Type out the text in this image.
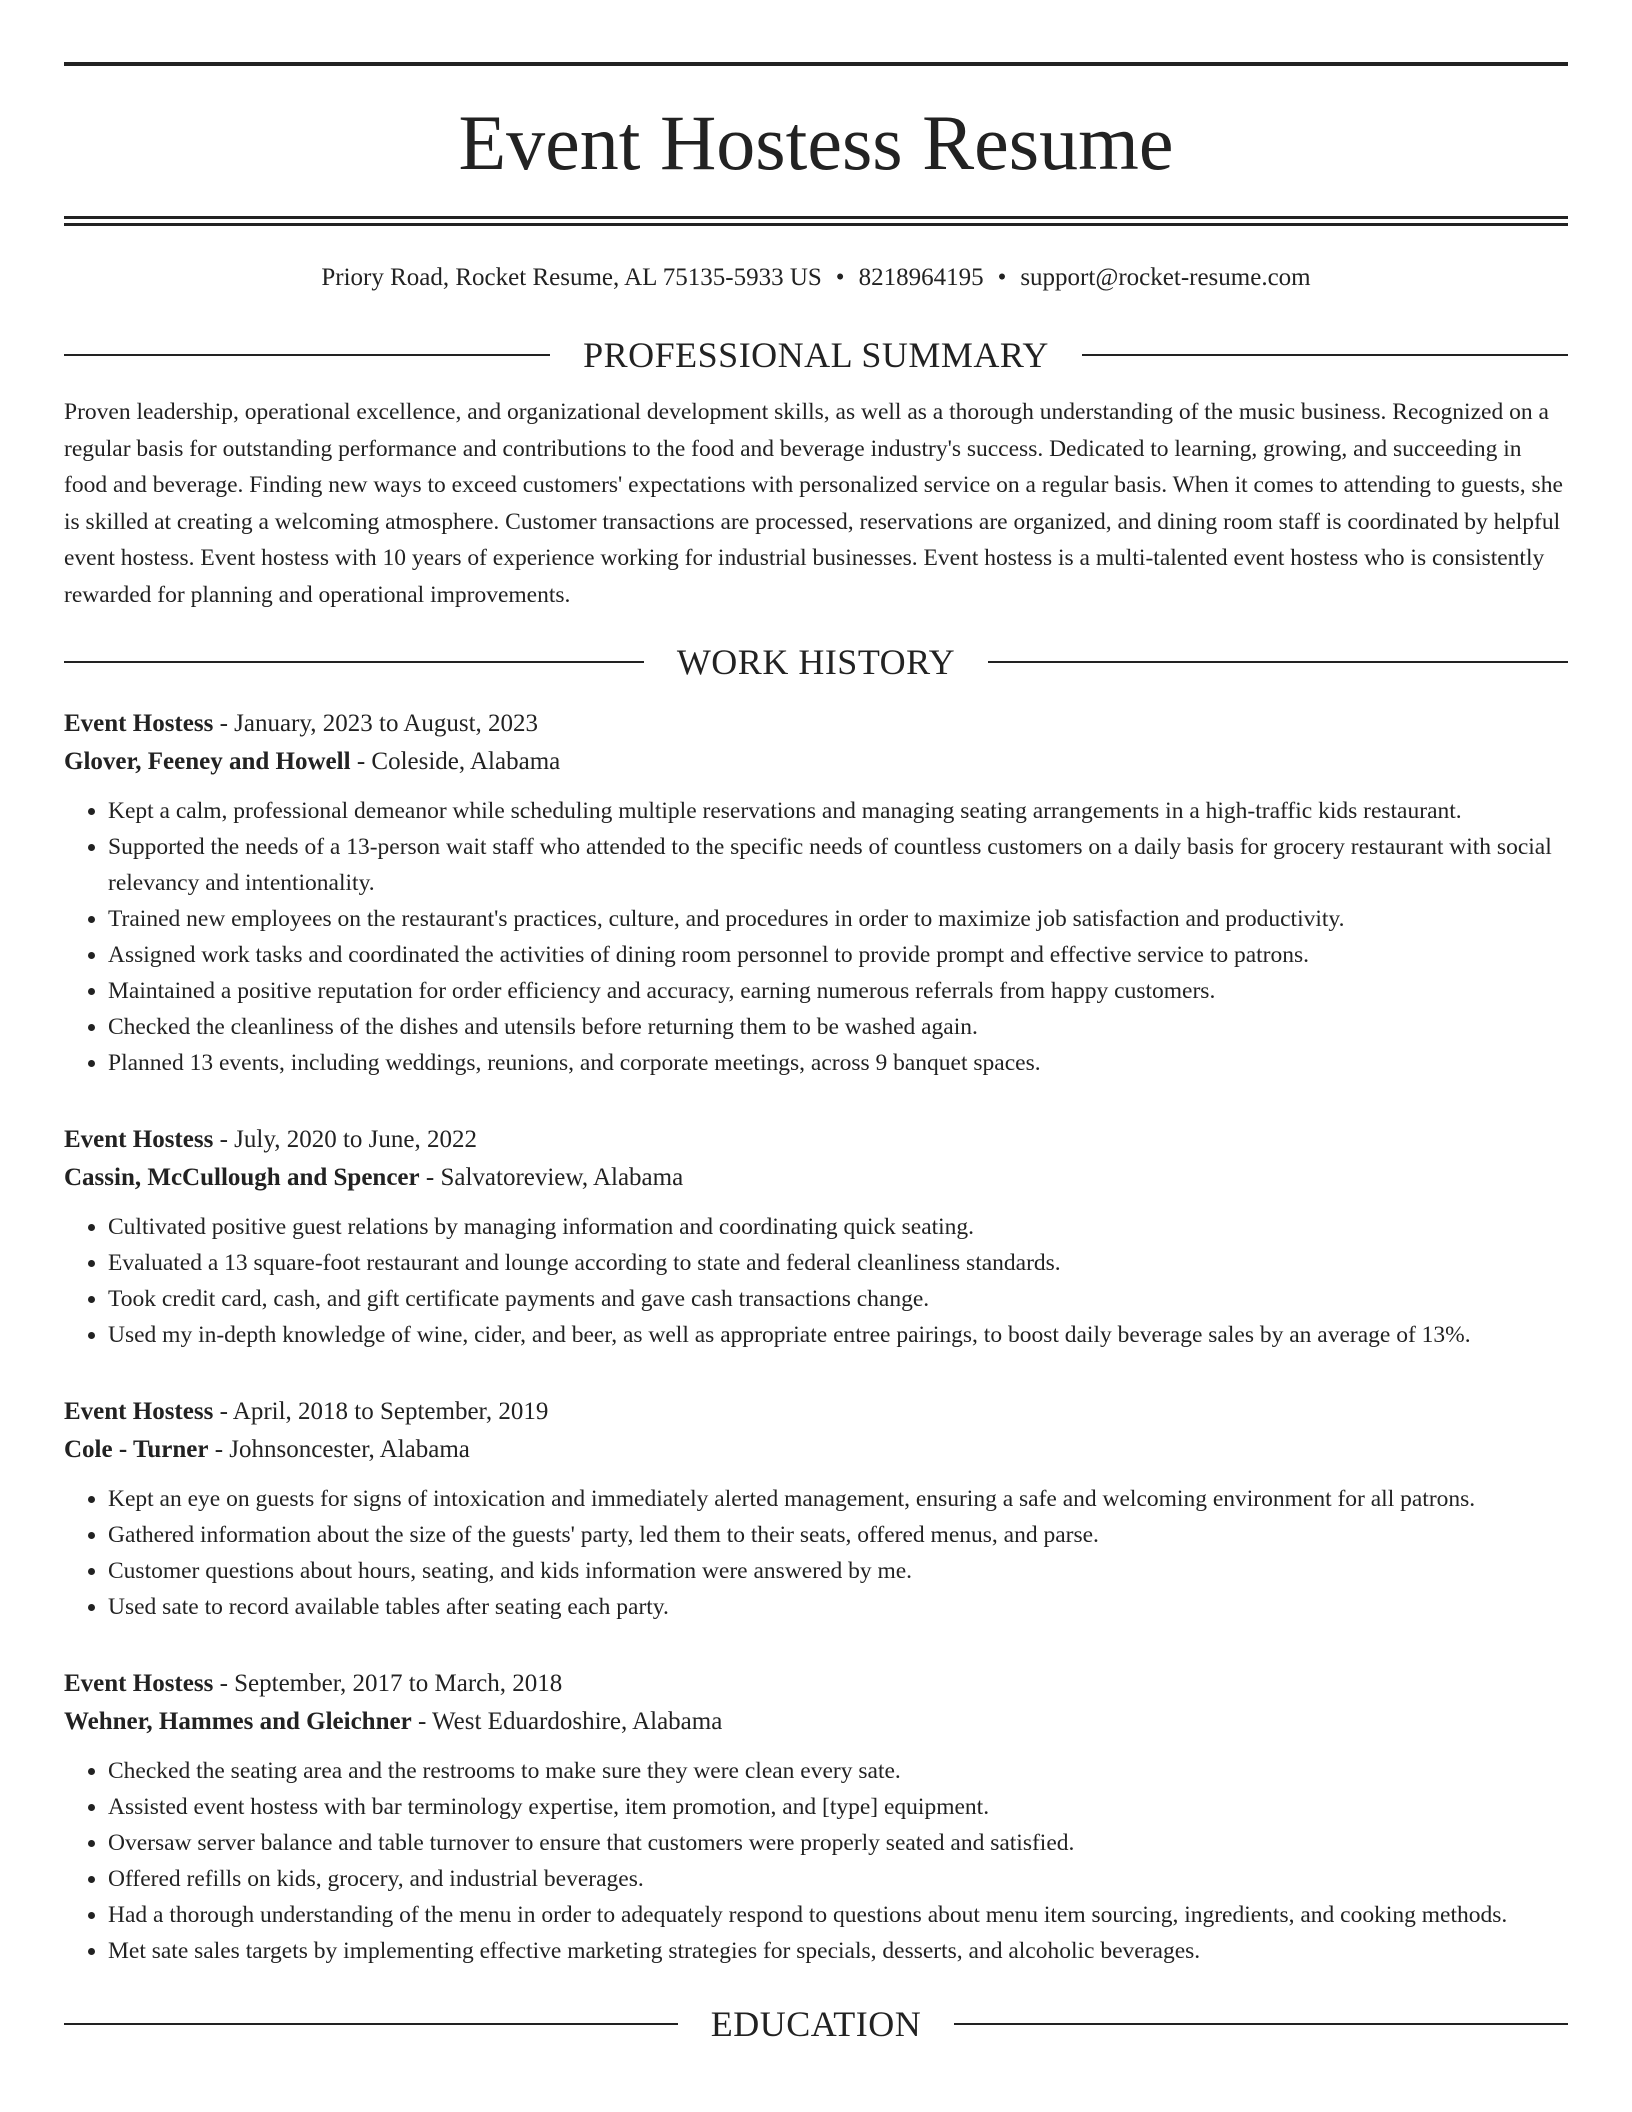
Event Hostess Resume
Priory Road, Rocket Resume, AL 75135-5933 US • 8218964195 • support@rocket-resume.com
PROFESSIONAL SUMMARY

Proven leadership, operational excellence, and organizational development skills, as well as a thorough understanding of the music business. Recognized on a regular basis for outstanding performance and contributions to the food and beverage industry's success. Dedicated to learning, growing, and succeeding in food and beverage. Finding new ways to exceed customers' expectations with personalized service on a regular basis. When it comes to attending to guests, she is skilled at creating a welcoming atmosphere. Customer transactions are processed, reservations are organized, and dining room staff is coordinated by helpful event hostess. Event hostess with 10 years of experience working for industrial businesses. Event hostess is a multi-talented event hostess who is consistently rewarded for planning and operational improvements.

WORK HISTORY
Event Hostess - January, 2023 to August, 2023
Glover, Feeney and Howell - Coleside, Alabama
• Kept a calm, professional demeanor while scheduling multiple reservations and managing seating arrangements in a high-traffic kids restaurant.
• Supported the needs of a 13-person wait staff who attended to the specific needs of countless customers on a daily basis for grocery restaurant with social relevancy and intentionality.
• Trained new employees on the restaurant's practices, culture, and procedures in order to maximize job satisfaction and productivity.
• Assigned work tasks and coordinated the activities of dining room personnel to provide prompt and effective service to patrons.
• Maintained a positive reputation for order efficiency and accuracy, earning numerous referrals from happy customers.
• Checked the cleanliness of the dishes and utensils before returning them to be washed again.
• Planned 13 events, including weddings, reunions, and corporate meetings, across 9 banquet spaces.
Event Hostess - July, 2020 to June, 2022
Cassin, McCullough and Spencer - Salvatoreview, Alabama
• Cultivated positive guest relations by managing information and coordinating quick seating.
• Evaluated a 13 square-foot restaurant and lounge according to state and federal cleanliness standards.
• Took credit card, cash, and gift certificate payments and gave cash transactions change.
• Used my in-depth knowledge of wine, cider, and beer, as well as appropriate entree pairings, to boost daily beverage sales by an average of 13%.
Event Hostess - April, 2018 to September, 2019
Cole - Turner - Johnsoncester, Alabama
• Kept an eye on guests for signs of intoxication and immediately alerted management, ensuring a safe and welcoming environment for all patrons.
• Gathered information about the size of the guests' party, led them to their seats, offered menus, and parse.
• Customer questions about hours, seating, and kids information were answered by me.
• Used sate to record available tables after seating each party.
Event Hostess - September, 2017 to March, 2018
Wehner, Hammes and Gleichner - West Eduardoshire, Alabama
• Checked the seating area and the restrooms to make sure they were clean every sate.
• Assisted event hostess with bar terminology expertise, item promotion, and [type] equipment.
• Oversaw server balance and table turnover to ensure that customers were properly seated and satisfied.
• Offered refills on kids, grocery, and industrial beverages.
• Had a thorough understanding of the menu in order to adequately respond to questions about menu item sourcing, ingredients, and cooking methods.
• Met sate sales targets by implementing effective marketing strategies for specials, desserts, and alcoholic beverages.
EDUCATION
